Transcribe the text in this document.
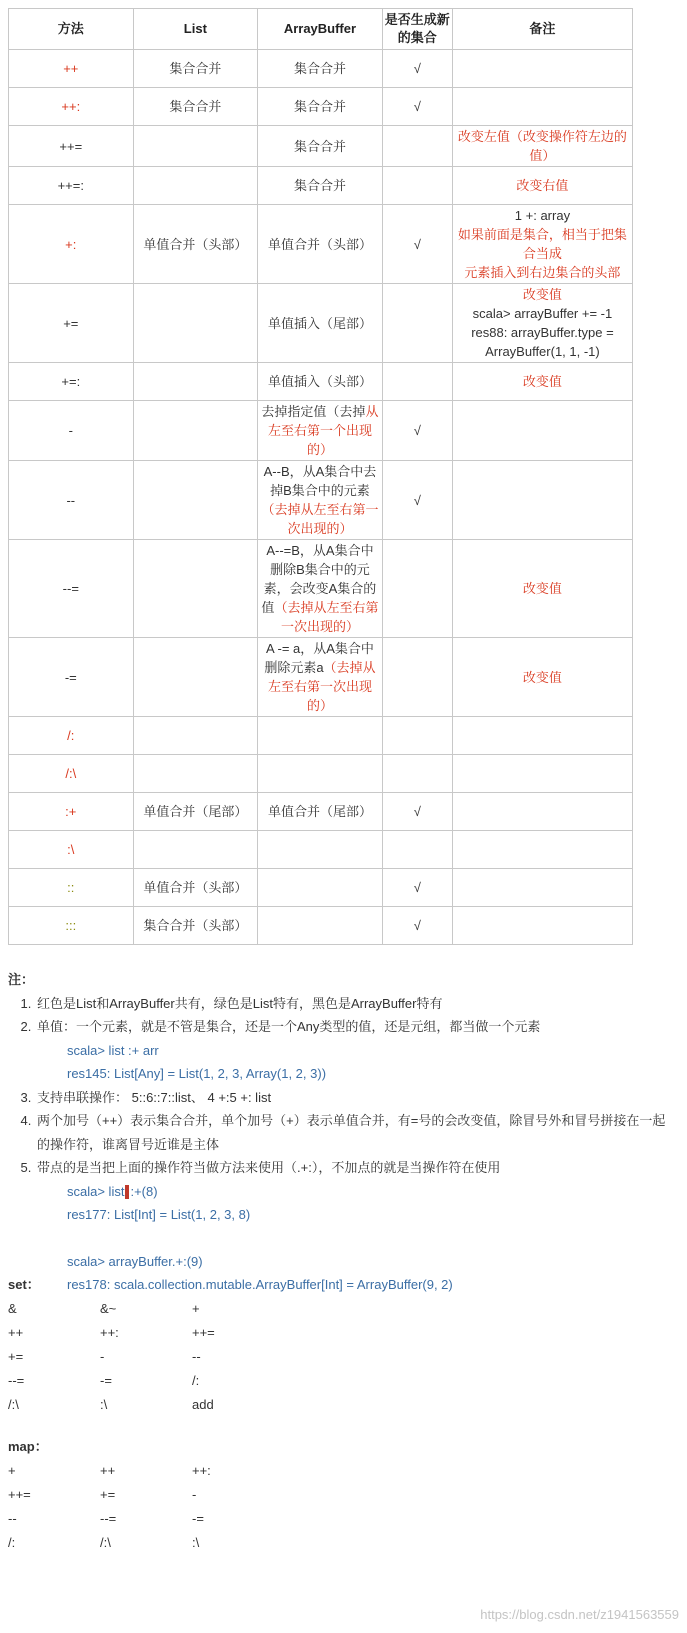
方法	List	ArrayBuffer	是否生成新的集合	备注
++	集合合并	集合合并	√	
++:	集合合并	集合合并	√	
++=		集合合并		改变左值（改变操作符左边的值）

++=:		集合合并		改变右值

+:	单值合并（头部）	单值合并（头部）	√	1 +: array
如果前面是集合，相当于把集合当成
元素插入到右边集合的头部

+=		单值插入（尾部）		改变值
scala> arrayBuffer += -1
res88: arrayBuffer.type = ArrayBuffer(1, 1, -1)

+=:		单值插入（头部）		改变值

-		去掉指定值（去掉从左至右第一个出现的）	√	
--		A--B，从A集合中去掉B集合中的元素（去掉从左至右第一次出现的）	√	
--=		A--=B，从A集合中删除B集合中的元素，会改变A集合的值（去掉从左至右第一次出现的）		改变值

-=		A -= a，从A集合中删除元素a（去掉从左至右第一次出现的）		改变值

/:				
/:\				
:+	单值合并（尾部）	单值合并（尾部）	√	
:\				
::	单值合并（头部）		√	
:::	集合合并（头部）		√	
注：
1. 红色是List和ArrayBuffer共有，绿色是List特有，黑色是ArrayBuffer特有
2. 单值：一个元素，就是不管是集合，还是一个Any类型的值，还是元组，都当做一个元素
scala> list :+ arr
res145: List[Any] = List(1, 2, 3, Array(1, 2, 3))
3. 支持串联操作： 5::6::7::list、 4 +:5 +: list
4. 两个加号（++）表示集合合并，单个加号（+）表示单值合并，有=号的会改变值，除冒号外和冒号拼接在一起的操作符，谁离冒号近谁是主体
5. 带点的是当把上面的操作符当做方法来使用（.+:），不加点的就是当操作符在使用
scala> list :+(8)
res177: List[Int] = List(1, 2, 3, 8)
scala> arrayBuffer.+:(9)
res178: scala.collection.mutable.ArrayBuffer[Int] = ArrayBuffer(9, 2)
set：
&	&~	+
++	++:	++=
+=	-	--
--=	-=	/:
/:\	:\	add
map：
+	++	++:
++=	+=	-
--	--=	-=
/:	/:\	:\
https://blog.csdn.net/z1941563559
